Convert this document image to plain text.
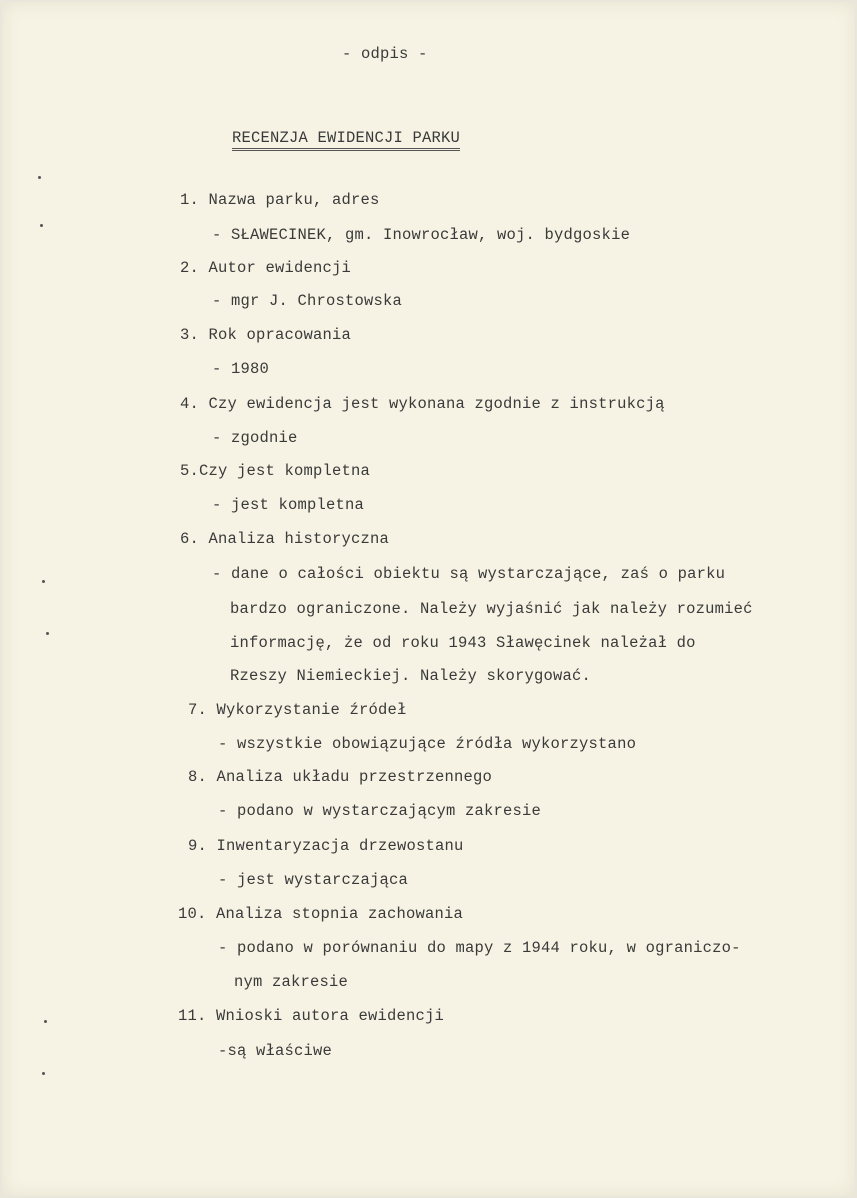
- odpis -
RECENZJA EWIDENCJI PARKU
1. Nazwa parku, adres
- SŁAWECINEK, gm. Inowrocław, woj. bydgoskie
2. Autor ewidencji
- mgr J. Chrostowska
3. Rok opracowania
- 1980
4. Czy ewidencja jest wykonana zgodnie z instrukcją
- zgodnie
5.Czy jest kompletna
- jest kompletna
6. Analiza historyczna
- dane o całości obiektu są wystarczające, zaś o parku
bardzo ograniczone. Należy wyjaśnić jak należy rozumieć
informację, że od roku 1943 Sławęcinek należał do
Rzeszy Niemieckiej. Należy skorygować.
7. Wykorzystanie źródeł
- wszystkie obowiązujące źródła wykorzystano
8. Analiza układu przestrzennego
- podano w wystarczającym zakresie
9. Inwentaryzacja drzewostanu
- jest wystarczająca
10. Analiza stopnia zachowania
- podano w porównaniu do mapy z 1944 roku, w ograniczo-
nym zakresie
11. Wnioski autora ewidencji
-są właściwe
